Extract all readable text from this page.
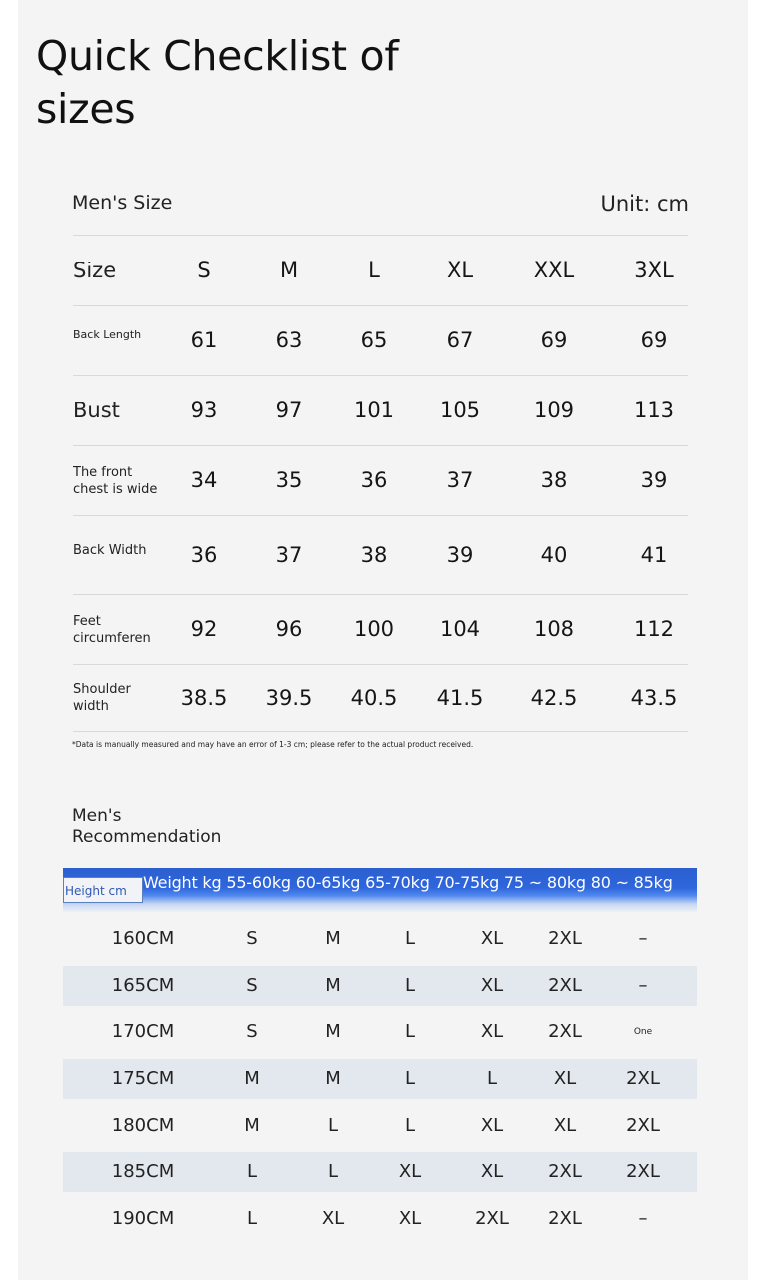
Quick Checklist of sizes
Men's Size	Unit: cm
Size	S	M	L	XL	XXL	3XL
Back Length	61	63	65	67	69	69
Bust	93	97	101	105	109	113
The front
chest is wide	34	35	36	37	38	39
Back Width	36	37	38	39	40	41
Feet
circumferen	92	96	100	104	108	112
Shoulder
width	38.5	39.5	40.5	41.5	42.5	43.5
*Data is manually measured and may have an error of 1-3 cm; please refer to the actual product received.
Men's
Recommendation
Height cm	Weight kg 55-60kg 60-65kg 65-70kg 70-75kg 75 ~ 80kg 80 ~ 85kg
160CM	S	M	L	XL	2XL	–
165CM	S	M	L	XL	2XL	–
170CM	S	M	L	XL	2XL	One
175CM	M	M	L	L	XL	2XL
180CM	M	L	L	XL	XL	2XL
185CM	L	L	XL	XL	2XL	2XL
190CM	L	XL	XL	2XL	2XL	–
